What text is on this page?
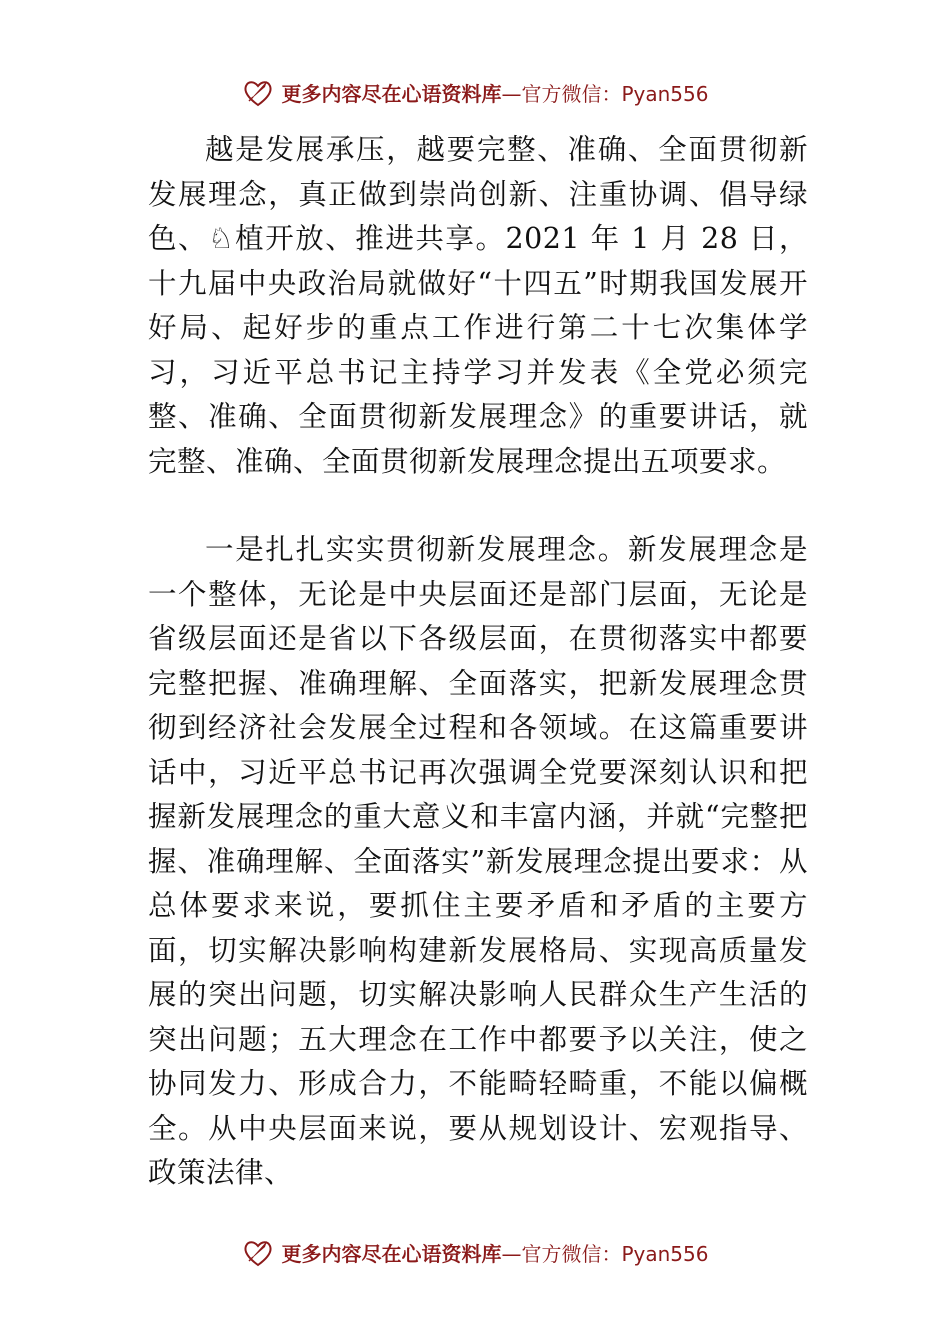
更多内容尽在心语资料库 —官方微信：Pyan556

越是发展承压，越要完整、准确、全面贯彻新发展理念，真正做到崇尚创新、注重协调、倡导绿色、♘植开放、推进共享。2021 年 1 月 28 日，十九届中央政治局就做好“十四五”时期我国发展开好局、起好步的重点工作进行第二十七次集体学习，习近平总书记主持学习并发表《全党必须完整、准确、全面贯彻新发展理念》的重要讲话，就完整、准确、全面贯彻新发展理念提出五项要求。

一是扎扎实实贯彻新发展理念。新发展理念是一个整体，无论是中央层面还是部门层面，无论是省级层面还是省以下各级层面，在贯彻落实中都要完整把握、准确理解、全面落实，把新发展理念贯彻到经济社会发展全过程和各领域。在这篇重要讲话中，习近平总书记再次强调全党要深刻认识和把握新发展理念的重大意义和丰富内涵，并就“完整把握、准确理解、全面落实”新发展理念提出要求：从总体要求来说，要抓住主要矛盾和矛盾的主要方面，切实解决影响构建新发展格局、实现高质量发展的突出问题，切实解决影响人民群众生产生活的突出问题；五大理念在工作中都要予以关注，使之协同发力、形成合力，不能畸轻畸重，不能以偏概全。从中央层面来说，要从规划设计、宏观指导、政策法律、

更多内容尽在心语资料库 —官方微信：Pyan556
